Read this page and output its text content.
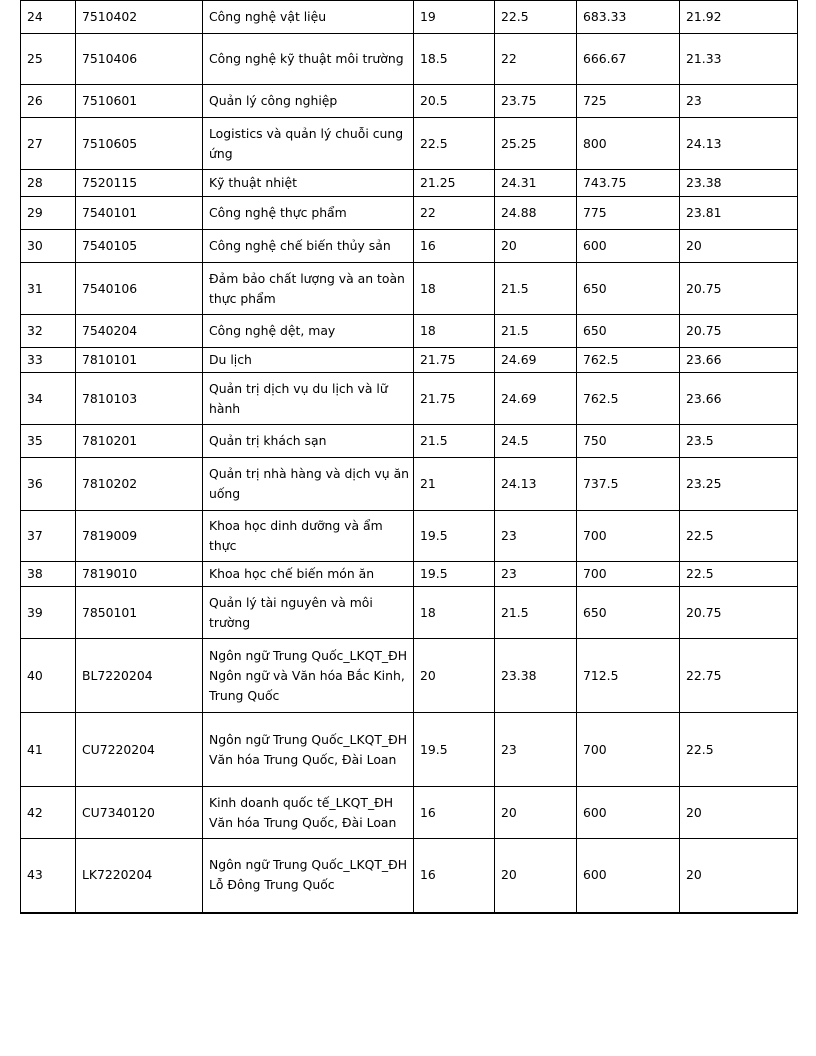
24	7510402	Công nghệ vật liệu	19	22.5	683.33	21.92
25	7510406	Công nghệ kỹ thuật môi trường	18.5	22	666.67	21.33
26	7510601	Quản lý công nghiệp	20.5	23.75	725	23
27	7510605	Logistics và quản lý chuỗi cung ứng	22.5	25.25	800	24.13
28	7520115	Kỹ thuật nhiệt	21.25	24.31	743.75	23.38
29	7540101	Công nghệ thực phẩm	22	24.88	775	23.81
30	7540105	Công nghệ chế biến thủy sản	16	20	600	20
31	7540106	Đảm bảo chất lượng và an toàn thực phẩm	18	21.5	650	20.75
32	7540204	Công nghệ dệt, may	18	21.5	650	20.75
33	7810101	Du lịch	21.75	24.69	762.5	23.66
34	7810103	Quản trị dịch vụ du lịch và lữ hành	21.75	24.69	762.5	23.66
35	7810201	Quản trị khách sạn	21.5	24.5	750	23.5
36	7810202	Quản trị nhà hàng và dịch vụ ăn uống	21	24.13	737.5	23.25
37	7819009	Khoa học dinh dưỡng và ẩm thực	19.5	23	700	22.5
38	7819010	Khoa học chế biến món ăn	19.5	23	700	22.5
39	7850101	Quản lý tài nguyên và môi trường	18	21.5	650	20.75
40	BL7220204	Ngôn ngữ Trung Quốc_LKQT_ĐH Ngôn ngữ và Văn hóa Bắc Kinh, Trung Quốc	20	23.38	712.5	22.75
41	CU7220204	Ngôn ngữ Trung Quốc_LKQT_ĐH Văn hóa Trung Quốc, Đài Loan	19.5	23	700	22.5
42	CU7340120	Kinh doanh quốc tế_LKQT_ĐH Văn hóa Trung Quốc, Đài Loan	16	20	600	20
43	LK7220204	Ngôn ngữ Trung Quốc_LKQT_ĐH Lỗ Đông Trung Quốc	16	20	600	20
